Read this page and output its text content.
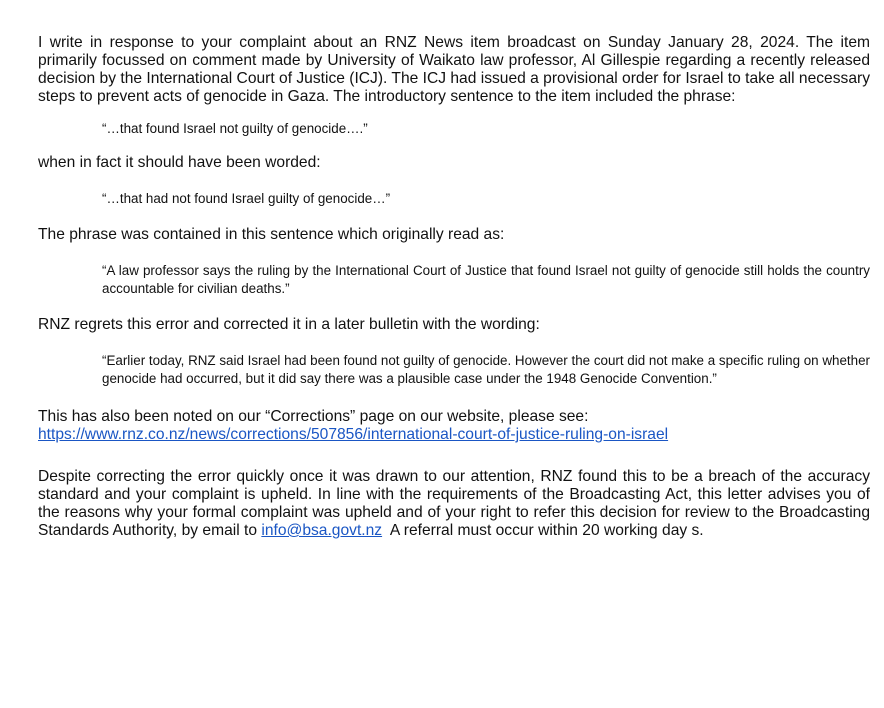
I write in response to your complaint about an RNZ News item broadcast on Sunday January 28, 2024. The item primarily focussed on comment made by University of Waikato law professor, Al Gillespie regarding a recently released decision by the International Court of Justice (ICJ). The ICJ had issued a provisional order for Israel to take all necessary steps to prevent acts of genocide in Gaza. The introductory sentence to the item included the phrase:

“…that found Israel not guilty of genocide….”

when in fact it should have been worded:

“…that had not found Israel guilty of genocide…”

The phrase was contained in this sentence which originally read as:

“A law professor says the ruling by the International Court of Justice that found Israel not guilty of genocide still holds the country accountable for civilian deaths.”

RNZ regrets this error and corrected it in a later bulletin with the wording:

“Earlier today, RNZ said Israel had been found not guilty of genocide. However the court did not make a specific ruling on whether genocide had occurred, but it did say there was a plausible case under the 1948 Genocide Convention.”

This has also been noted on our “Corrections” page on our website, please see:
https://www.rnz.co.nz/news/corrections/507856/international-court-of-justice-ruling-on-israel

Despite correcting the error quickly once it was drawn to our attention, RNZ found this to be a breach of the accuracy standard and your complaint is upheld. In line with the requirements of the Broadcasting Act, this letter advises you of the reasons why your formal complaint was upheld and of your right to refer this decision for review to the Broadcasting Standards Authority, by email to info@bsa.govt.nz  A referral must occur within 20 working day s.
